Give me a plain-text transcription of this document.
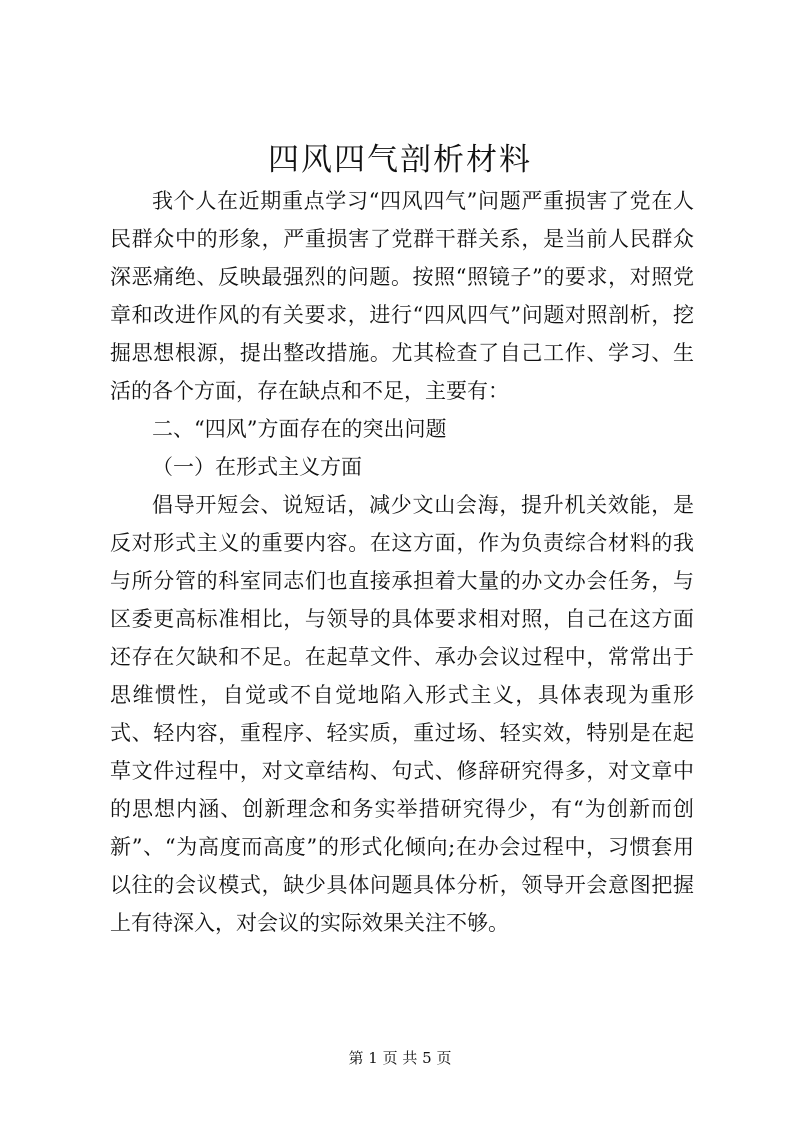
四风四气剖析材料

我个人在近期重点学习“四风四气”问题严重损害了党在人民群众中的形象，严重损害了党群干群关系，是当前人民群众深恶痛绝、反映最强烈的问题。按照“照镜子”的要求，对照党章和改进作风的有关要求，进行“四风四气”问题对照剖析，挖掘思想根源，提出整改措施。尤其检查了自己工作、学习、生活的各个方面，存在缺点和不足，主要有：

二、“四风”方面存在的突出问题

（一）在形式主义方面

倡导开短会、说短话，减少文山会海，提升机关效能，是反对形式主义的重要内容。在这方面，作为负责综合材料的我与所分管的科室同志们也直接承担着大量的办文办会任务，与区委更高标准相比，与领导的具体要求相对照，自己在这方面还存在欠缺和不足。在起草文件、承办会议过程中，常常出于思维惯性，自觉或不自觉地陷入形式主义，具体表现为重形式、轻内容，重程序、轻实质，重过场、轻实效，特别是在起草文件过程中，对文章结构、句式、修辞研究得多，对文章中的思想内涵、创新理念和务实举措研究得少，有“为创新而创新”、“为高度而高度”的形式化倾向;在办会过程中，习惯套用以往的会议模式，缺少具体问题具体分析，领导开会意图把握上有待深入，对会议的实际效果关注不够。

第 1 页 共 5 页
